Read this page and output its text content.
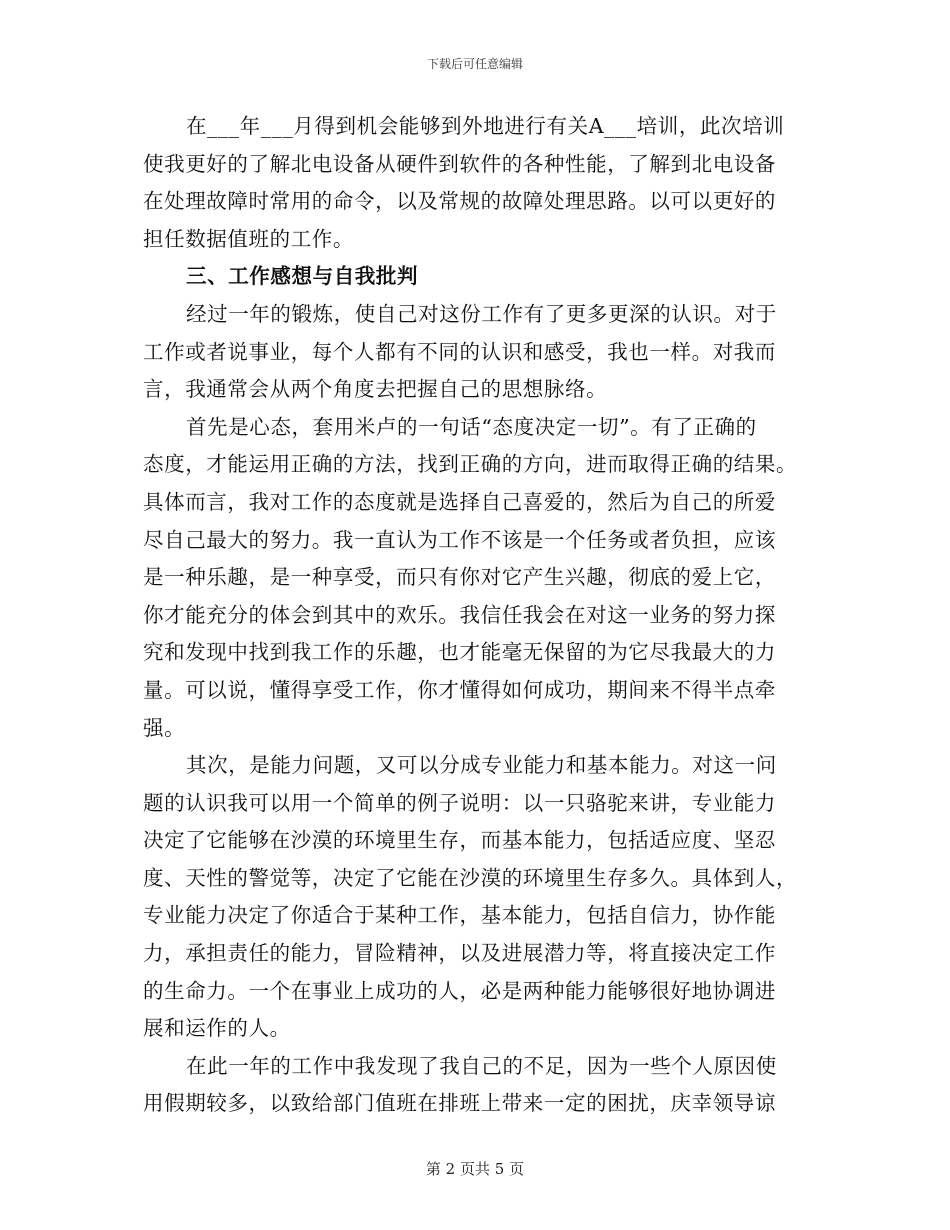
下载后可任意编辑
在___年___月得到机会能够到外地进行有关A___培训，此次培训
使我更好的了解北电设备从硬件到软件的各种性能，了解到北电设备
在处理故障时常用的命令，以及常规的故障处理思路。以可以更好的
担任数据值班的工作。
三、工作感想与自我批判
经过一年的锻炼，使自己对这份工作有了更多更深的认识。对于
工作或者说事业，每个人都有不同的认识和感受，我也一样。对我而
言，我通常会从两个角度去把握自己的思想脉络。
首先是心态，套用米卢的一句话“态度决定一切”。有了正确的
态度，才能运用正确的方法，找到正确的方向，进而取得正确的结果。
具体而言，我对工作的态度就是选择自己喜爱的，然后为自己的所爱
尽自己最大的努力。我一直认为工作不该是一个任务或者负担，应该
是一种乐趣，是一种享受，而只有你对它产生兴趣，彻底的爱上它，
你才能充分的体会到其中的欢乐。我信任我会在对这一业务的努力探
究和发现中找到我工作的乐趣，也才能毫无保留的为它尽我最大的力
量。可以说，懂得享受工作，你才懂得如何成功，期间来不得半点牵
强。
其次，是能力问题，又可以分成专业能力和基本能力。对这一问
题的认识我可以用一个简单的例子说明：以一只骆驼来讲，专业能力
决定了它能够在沙漠的环境里生存，而基本能力，包括适应度、坚忍
度、天性的警觉等，决定了它能在沙漠的环境里生存多久。具体到人，
专业能力决定了你适合于某种工作，基本能力，包括自信力，协作能
力，承担责任的能力，冒险精神，以及进展潜力等，将直接决定工作
的生命力。一个在事业上成功的人，必是两种能力能够很好地协调进
展和运作的人。
在此一年的工作中我发现了我自己的不足，因为一些个人原因使
用假期较多，以致给部门值班在排班上带来一定的困扰，庆幸领导谅
第 2 页共 5 页
